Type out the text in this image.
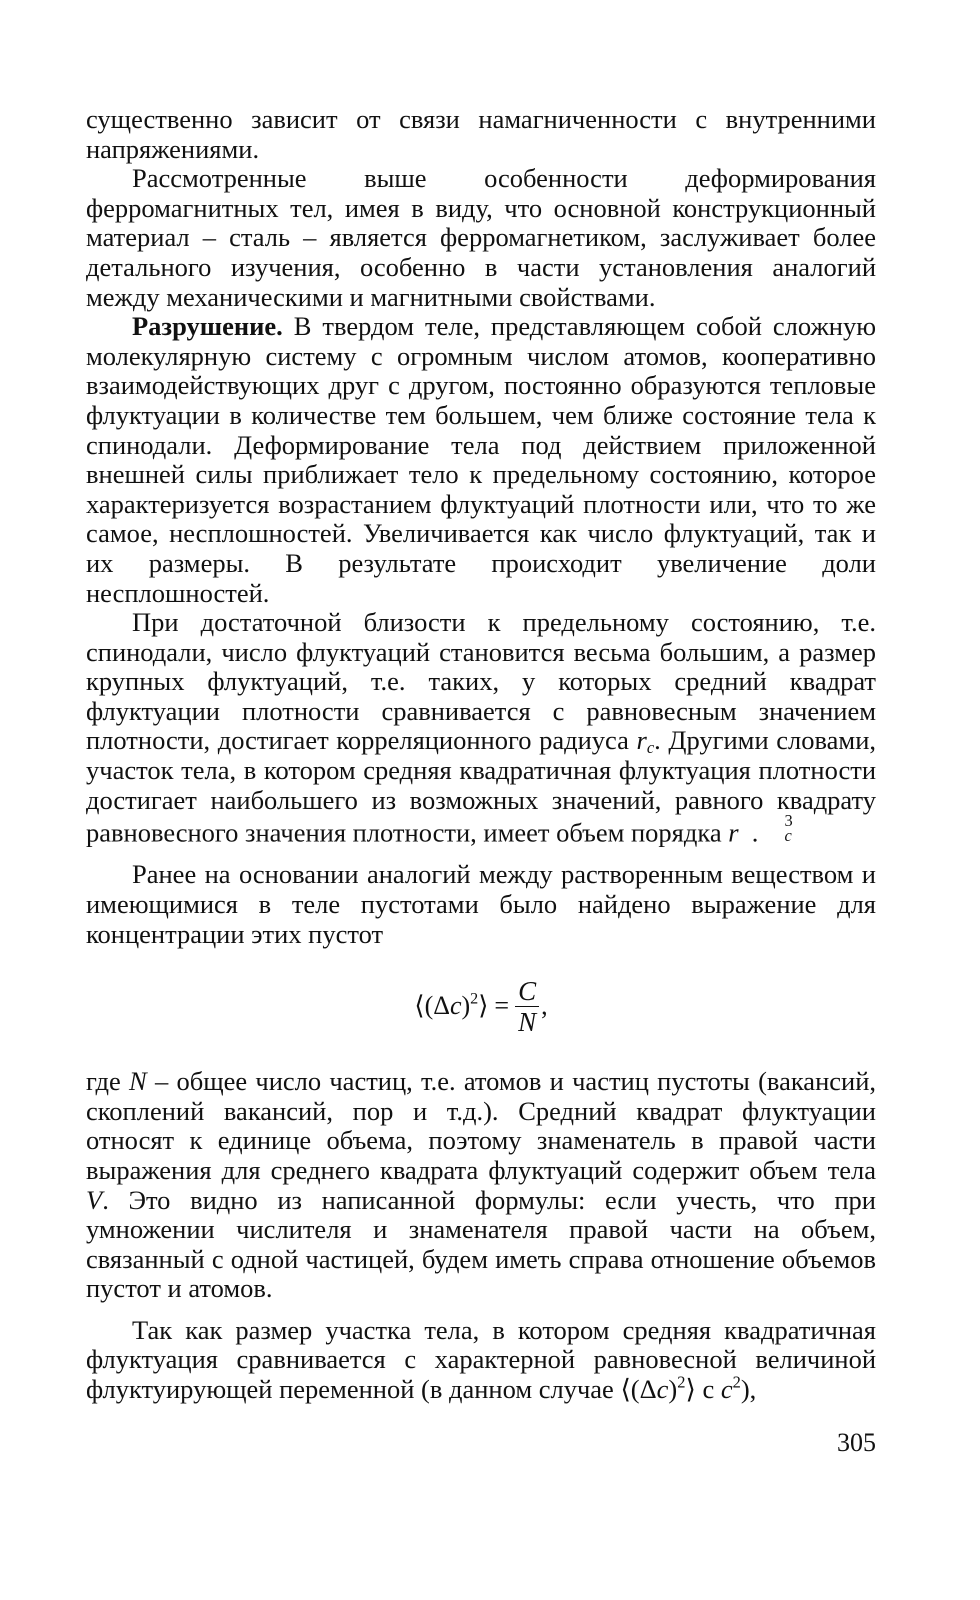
существенно зависит от связи намагниченности с внутренними напряжениями.

Рассмотренные выше особенности деформирования ферромагнитных тел, имея в виду, что основной конструкционный материал – сталь – является ферромагнетиком, заслуживает более детального изучения, особенно в части установления аналогий между механическими и магнитными свойствами.

Разрушение. В твердом теле, представляющем собой сложную молекулярную систему с огромным числом атомов, кооперативно взаимодействующих друг с другом, постоянно образуются тепловые флуктуации в количестве тем большем, чем ближе состояние тела к спинодали. Деформирование тела под действием приложенной внешней силы приближает тело к предельному состоянию, которое характеризуется возрастанием флуктуаций плотности или, что то же самое, несплошностей. Увеличивается как число флуктуаций, так и их размеры. В результате происходит увеличение доли несплошностей.

При достаточной близости к предельному состоянию, т.е. спинодали, число флуктуаций становится весьма большим, а размер крупных флуктуаций, т.е. таких, у которых средний квадрат флуктуации плотности сравнивается с равновесным значением плотности, достигает корреляционного радиуса $r_c$. Другими словами, участок тела, в котором средняя квадратичная флуктуация плотности достигает наибольшего из возможных значений, равного квадрату равновесного значения плотности, имеет объем порядка r	3
c
.

Ранее на основании аналогий между растворенным веществом и имеющимися в теле пустотами было найдено выражение для концентрации этих пустот

$⟨(\Delta c)^2⟩ = \frac{C}{N}$ ,

где N – общее число частиц, т.е. атомов и частиц пустоты (вакансий, скоплений вакансий, пор и т.д.). Средний квадрат флуктуации относят к единице объема, поэтому знаменатель в правой части выражения для среднего квадрата флуктуаций содержит объем тела V. Это видно из написанной формулы: если учесть, что при умножении числителя и знаменателя правой части на объем, связанный с одной частицей, будем иметь справа отношение объемов пустот и атомов.

Так как размер участка тела, в котором средняя квадратичная флуктуация сравнивается с характерной равновесной величиной флуктуирующей переменной (в данном случае $⟨(\Delta c)^2⟩$ с $c^2$),

305
